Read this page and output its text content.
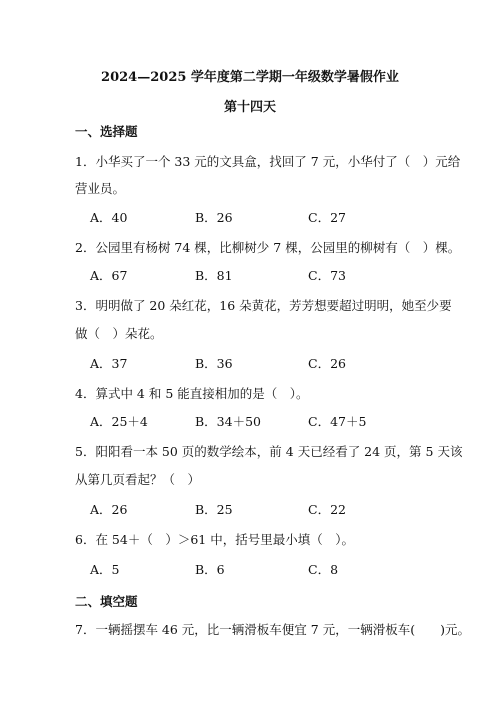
2024—2025 学年度第二学期一年级数学暑假作业
第十四天
一、选择题
1．小华买了一个 33 元的文具盒，找回了 7 元，小华付了（　）元给
营业员。
A．40	B．26	C．27
2．公园里有杨树 74 棵，比柳树少 7 棵，公园里的柳树有（　）棵。
A．67	B．81	C．73
3．明明做了 20 朵红花，16 朵黄花，芳芳想要超过明明，她至少要
做（　）朵花。
A．37	B．36	C．26
4．算式中 4 和 5 能直接相加的是（　）。
A．25＋4	B．34＋50	C．47＋5
5．阳阳看一本 50 页的数学绘本，前 4 天已经看了 24 页，第 5 天该
从第几页看起？（　）
A．26	B．25	C．22
6．在 54＋（　）＞61 中，括号里最小填（　）。
A．5	B．6	C．8
二、填空题
7．一辆摇摆车 46 元，比一辆滑板车便宜 7 元，一辆滑板车(　　)元。
